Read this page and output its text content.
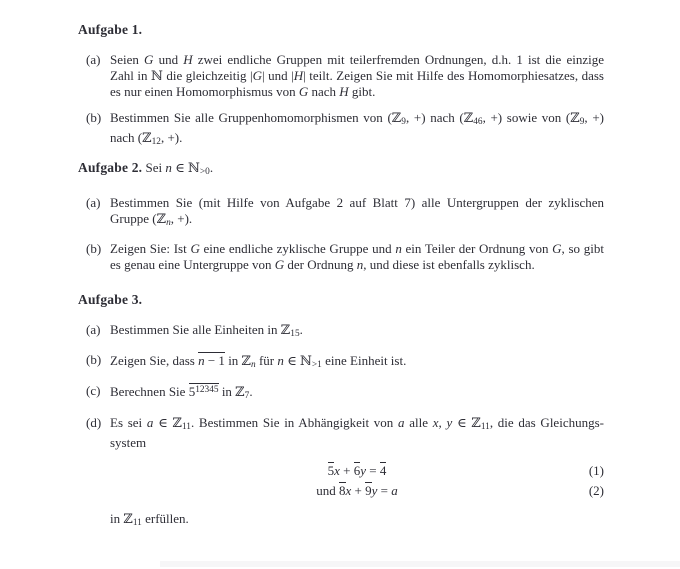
Aufgabe 1.
(a) Seien G und H zwei endliche Gruppen mit teilerfremden Ordnungen, d.h. 1 ist die einzige Zahl in ℕ die gleichzeitig |G| und |H| teilt. Zeigen Sie mit Hilfe des Homomorphiesatzes, dass es nur einen Homomorphismus von G nach H gibt.
(b) Bestimmen Sie alle Gruppenhomomorphismen von (ℤ9, +) nach (ℤ46, +) sowie von (ℤ9, +) nach (ℤ12, +).
Aufgabe 2. Sei n ∈ ℕ>0.
(a) Bestimmen Sie (mit Hilfe von Aufgabe 2 auf Blatt 7) alle Untergruppen der zyklischen Gruppe (ℤn, +).
(b) Zeigen Sie: Ist G eine endliche zyklische Gruppe und n ein Teiler der Ordnung von G, so gibt es genau eine Untergruppe von G der Ordnung n, und diese ist ebenfalls zyklisch.
Aufgabe 3.
(a) Bestimmen Sie alle Einheiten in ℤ15.
(b) Zeigen Sie, dass n − 1 in ℤn für n ∈ ℕ>1 eine Einheit ist.
(c) Berechnen Sie $5^{12345}$ in ℤ7.
(d) Es sei a ∈ ℤ11. Bestimmen Sie in Abhängigkeit von a alle x, y ∈ ℤ11, die das Gleichungssystem
5x + 6y = 4	(1)
und 8x + 9y = a	(2)
in ℤ11 erfüllen.
